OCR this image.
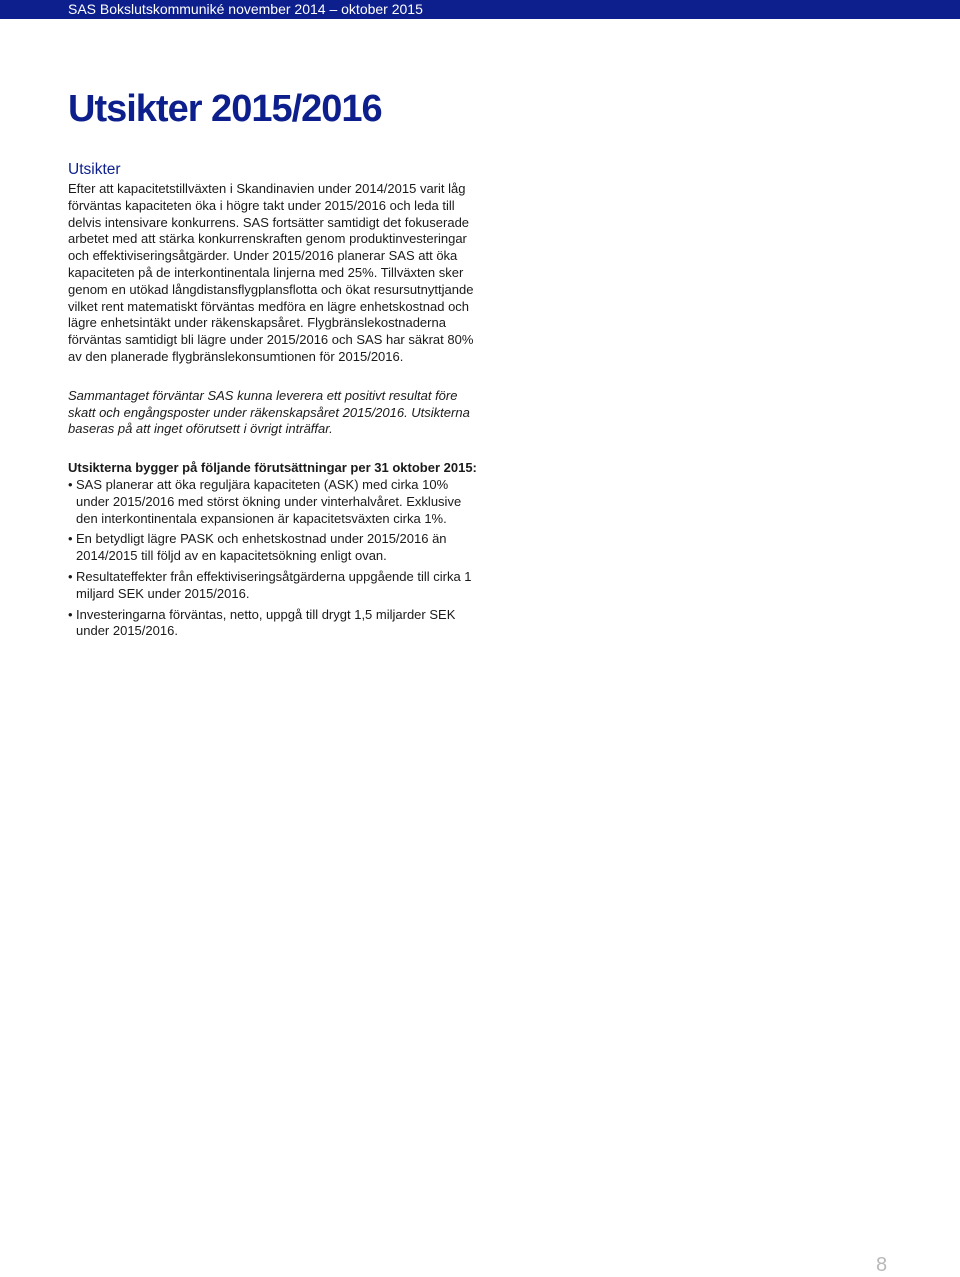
SAS Bokslutskommuniké november 2014 – oktober 2015
Utsikter 2015/2016
Utsikter

Efter att kapacitetstillväxten i Skandinavien under 2014/2015 varit låg förväntas kapaciteten öka i högre takt under 2015/2016 och leda till delvis intensivare konkurrens. SAS fortsätter samtidigt det fokuserade arbetet med att stärka konkurrenskraften genom produktinvesteringar och effektiviseringsåtgärder. Under 2015/2016 planerar SAS att öka kapaciteten på de interkontinentala linjerna med 25%. Tillväxten sker genom en utökad långdistansflygplansflotta och ökat resursutnyttjande vilket rent matematiskt förväntas medföra en lägre enhetskostnad och lägre enhetsintäkt under räkenskapsåret. Flygbränslekostnaderna förväntas samtidigt bli lägre under 2015/2016 och SAS har säkrat 80% av den planerade flygbränslekonsumtionen för 2015/2016.

Sammantaget förväntar SAS kunna leverera ett positivt resultat före skatt och engångsposter under räkenskapsåret 2015/2016. Utsikterna baseras på att inget oförutsett i övrigt inträffar.

Utsikterna bygger på följande förutsättningar per 31 oktober 2015:

• SAS planerar att öka reguljära kapaciteten (ASK) med cirka 10% under 2015/2016 med störst ökning under vinterhalvåret. Exklusive den interkontinentala expansionen är kapacitetsväxten cirka 1%.
• En betydligt lägre PASK och enhetskostnad under 2015/2016 än 2014/2015 till följd av en kapacitetsökning enligt ovan.
• Resultateffekter från effektiviseringsåtgärderna uppgående till cirka 1 miljard SEK under 2015/2016.
• Investeringarna förväntas, netto, uppgå till drygt 1,5 miljarder SEK under 2015/2016.
8
